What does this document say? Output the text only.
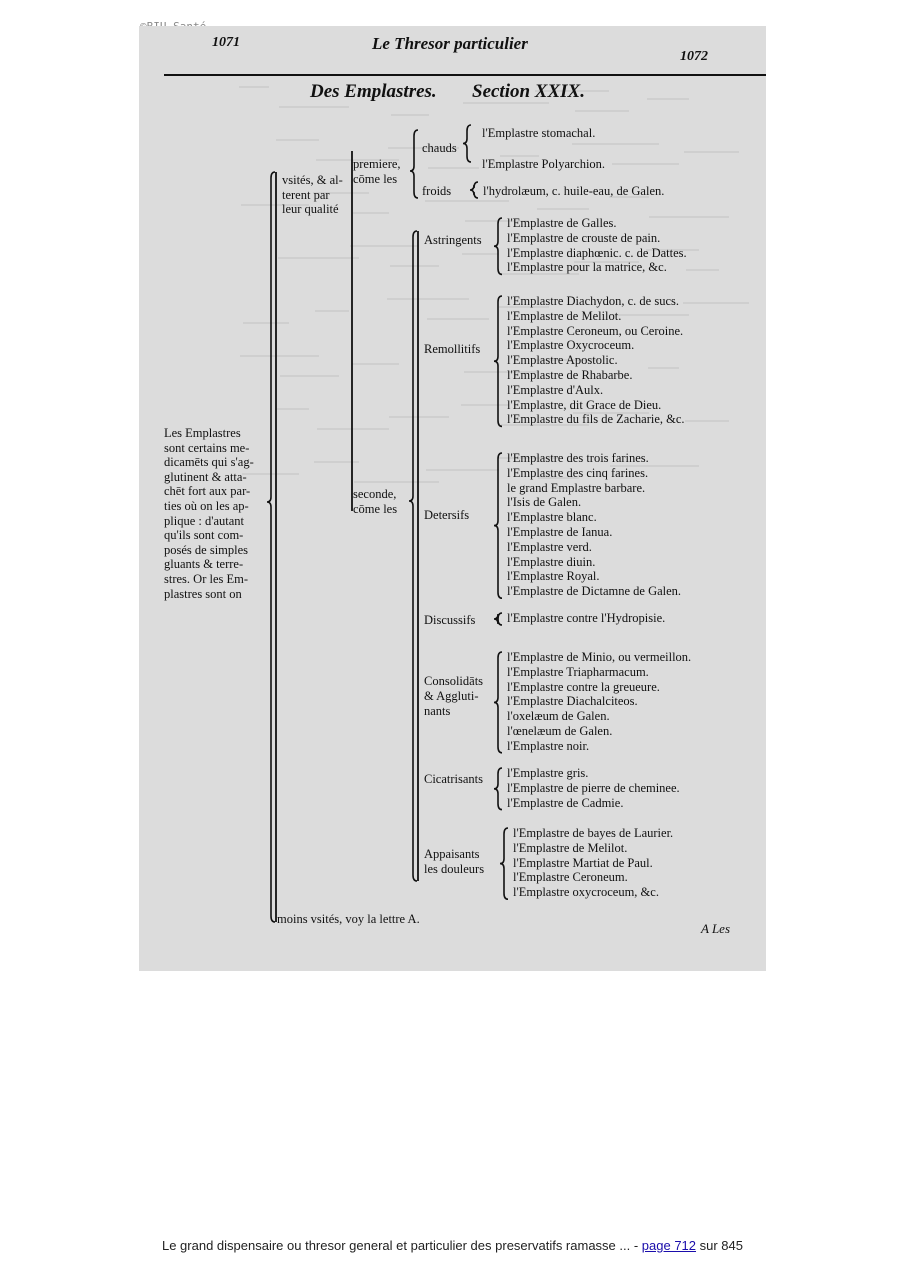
1071	Le Thresor particulier
1072
Des Emplastres. Section XXIX.
Les Emplastres
sont certains me-
dicamēts qui s'ag-
glutinent & atta-
chēt fort aux par-
ties où on les ap-
plique : d'autant
qu'ils sont com-
posés de simples
gluants & terre-
stres. Or les Em-
plastres sont on
vsités, & al-
terent par
leur qualité
premiere,
cōme les
seconde,
cōme les
chauds
froids
l'Emplastre stomachal.
l'Emplastre Polyarchion.
l'hydrolæum, c. huile-eau, de Galen.
Astringents
l'Emplastre de Galles.
l'Emplastre de crouste de pain.
l'Emplastre diaphœnic. c. de Dattes.
l'Emplastre pour la matrice, &c.
Remollitifs
l'Emplastre Diachydon, c. de sucs.
l'Emplastre de Melilot.
l'Emplastre Ceroneum, ou Ceroine.
l'Emplastre Oxycroceum.
l'Emplastre Apostolic.
l'Emplastre de Rhabarbe.
l'Emplastre d'Aulx.
l'Emplastre, dit Grace de Dieu.
l'Emplastre du fils de Zacharie, &c.
Detersifs
l'Emplastre des trois farines.
l'Emplastre des cinq farines.
le grand Emplastre barbare.
l'Isis de Galen.
l'Emplastre blanc.
l'Emplastre de Ianua.
l'Emplastre verd.
l'Emplastre diuin.
l'Emplastre Royal.
l'Emplastre de Dictamne de Galen.
Discussifs	l'Emplastre contre l'Hydropisie.
Consolidāts
& Aggluti-
nants
l'Emplastre de Minio, ou vermeillon.
l'Emplastre Triapharmacum.
l'Emplastre contre la greueure.
l'Emplastre Diachalciteos.
l'oxelæum de Galen.
l'œnelæum de Galen.
l'Emplastre noir.
Cicatrisants l'Emplastre gris.
l'Emplastre de pierre de cheminee.
l'Emplastre de Cadmie.
Appaisants
les douleurs
l'Emplastre de bayes de Laurier.
l'Emplastre de Melilot.
l'Emplastre Martiat de Paul.
l'Emplastre Ceroneum.
l'Emplastre oxycroceum, &c.
moins vsités, voy la lettre A.
A Les
Le grand dispensaire ou thresor general et particulier des preservatifs ramasse ... - page 712 sur 845
